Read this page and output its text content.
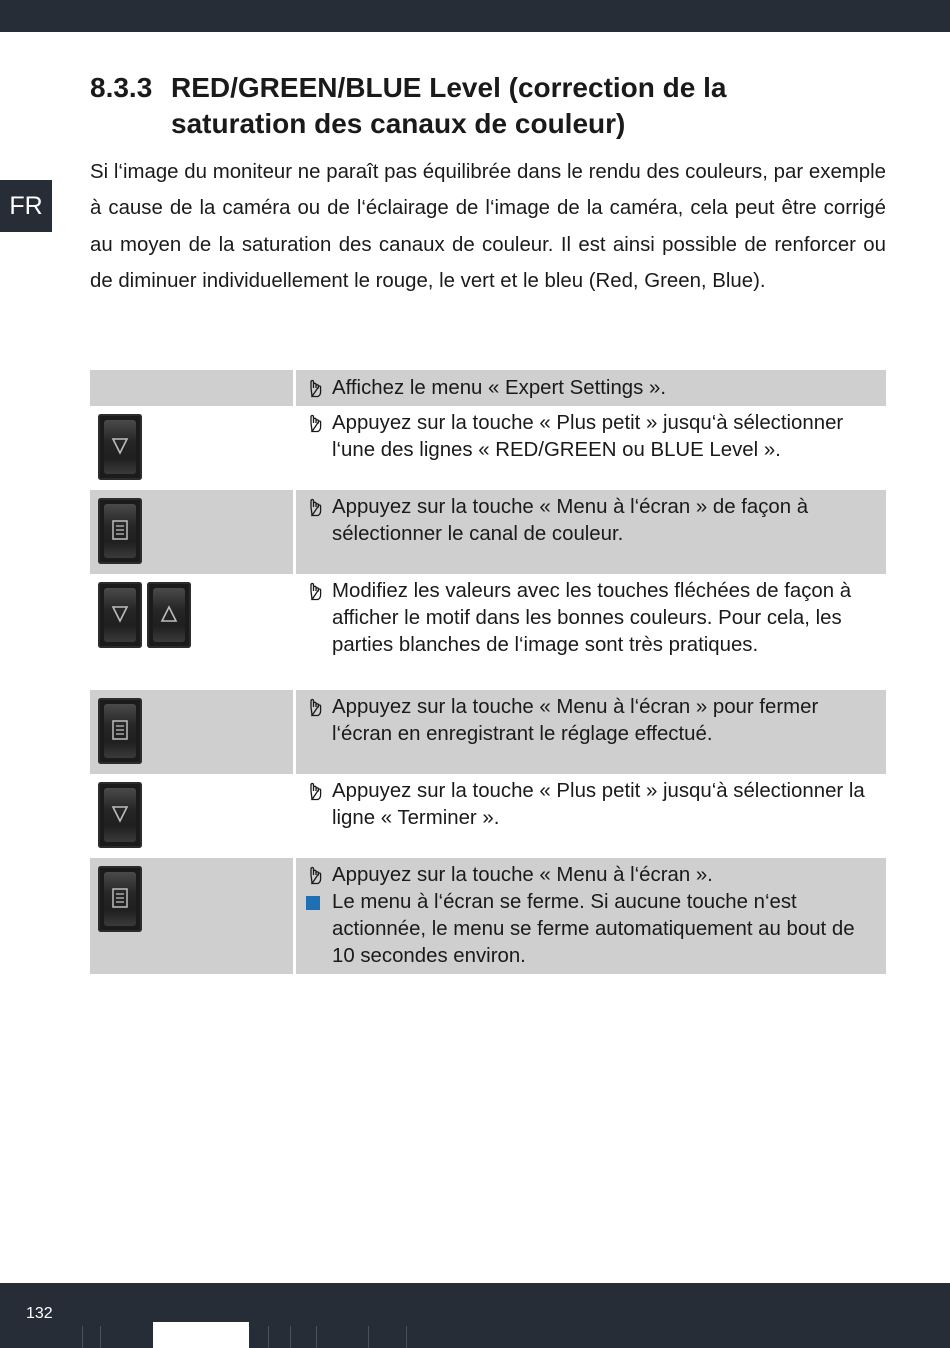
FR
8.3.3 RED/GREEN/BLUE Level (correction de la saturation des canaux de couleur)

Si l‘image du moniteur ne paraît pas équilibrée dans le rendu des couleurs, par exemple à cause de la caméra ou de l‘éclairage de l‘image de la caméra, cela peut être corrigé au moyen de la saturation des canaux de couleur. Il est ainsi possible de renforcer ou de diminuer individuellement le rouge, le vert et le bleu (Red, Green, Blue).

Affichez le menu « Expert Settings ».
Appuyez sur la touche « Plus petit » jusqu‘à sélectionner l‘une des lignes « RED/GREEN ou BLUE Level ».
Appuyez sur la touche « Menu à l‘écran » de façon à sélectionner le canal de couleur.
Modifiez les valeurs avec les touches fléchées de façon à afficher le motif dans les bonnes couleurs. Pour cela, les parties blanches de l‘image sont très pratiques.
Appuyez sur la touche « Menu à l‘écran » pour fermer l‘écran en enregistrant le réglage effectué.
Appuyez sur la touche « Plus petit » jusqu‘à sélectionner la ligne « Terminer ».
Appuyez sur la touche « Menu à l‘écran ».
Le menu à l‘écran se ferme. Si aucune touche n‘est actionnée, le menu se ferme automatiquement au bout de 10 secondes environ.
132
